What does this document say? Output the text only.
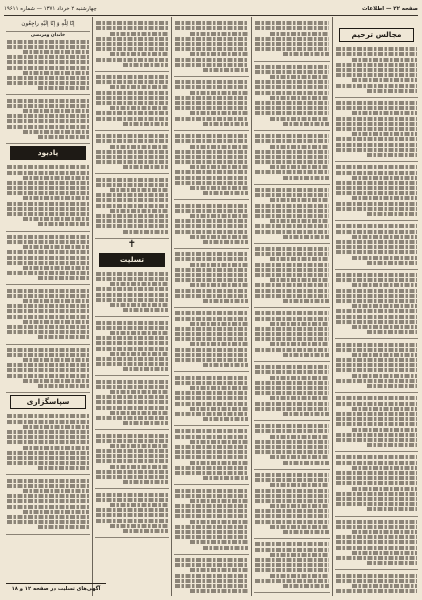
صفحه ۲۲ — اطلاعات
چهارشنبه ۲ خرداد ۱۳۷۱ — شماره ۱۹۶۱۱
مجالس ترحیم
✝
تسلیت
إنّا لِلّٰهِ وَ إنّا إلَیْهِ راجِعُون
خاندان ومرتضی
یادبود
سپاسگزاری
آگهی‌های تسلیت در صفحه ۱۲ و ۱۸
